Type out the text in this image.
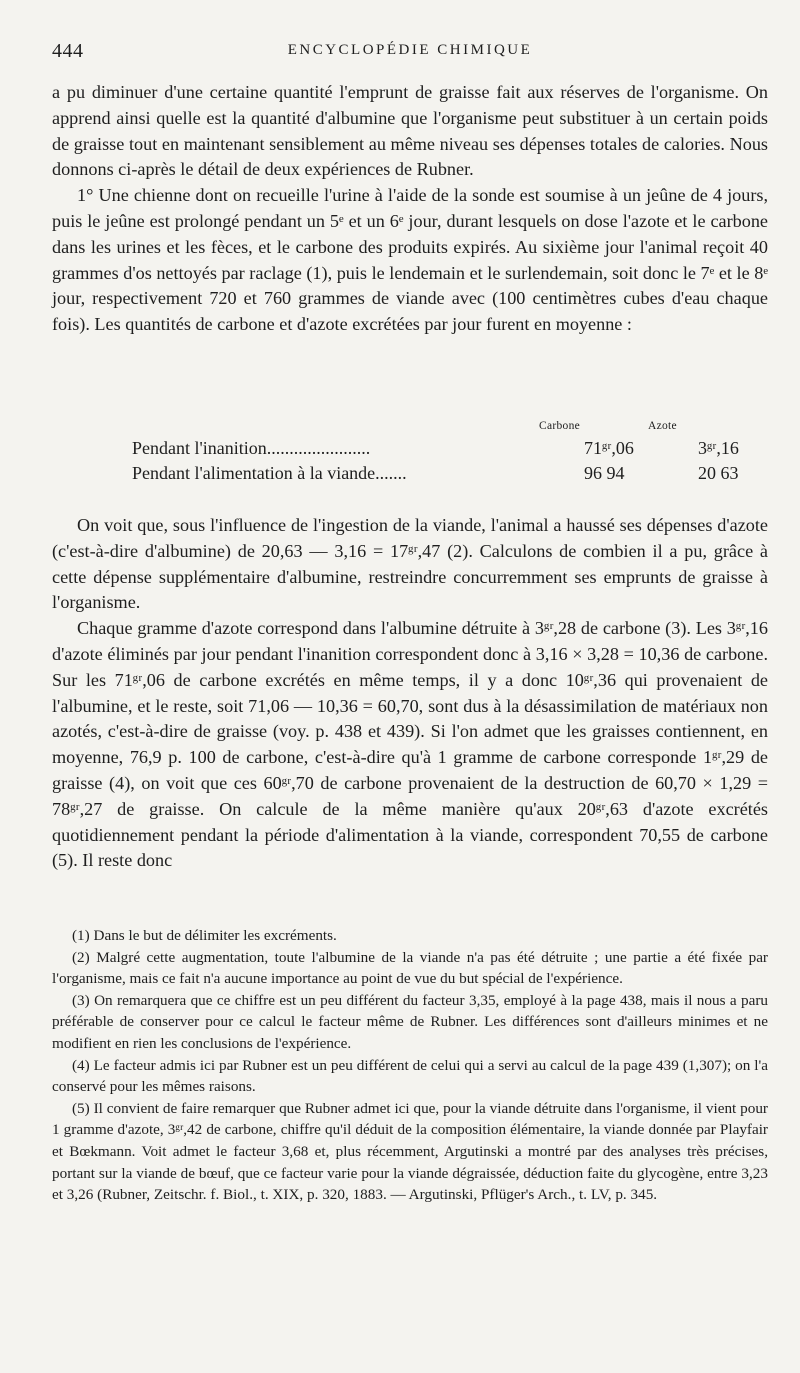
444	ENCYCLOPÉDIE CHIMIQUE

a pu diminuer d'une certaine quantité l'emprunt de graisse fait aux réserves de l'organisme. On apprend ainsi quelle est la quantité d'albumine que l'organisme peut substituer à un certain poids de graisse tout en maintenant sensiblement au même niveau ses dépenses totales de calories. Nous donnons ci-après le détail de deux expériences de Rubner.

1° Une chienne dont on recueille l'urine à l'aide de la sonde est soumise à un jeûne de 4 jours, puis le jeûne est prolongé pendant un 5ᵉ et un 6ᵉ jour, durant lesquels on dose l'azote et le carbone dans les urines et les fèces, et le carbone des produits expirés. Au sixième jour l'animal reçoit 40 grammes d'os nettoyés par raclage (1), puis le lendemain et le surlendemain, soit donc le 7ᵉ et le 8ᵉ jour, respectivement 720 et 760 grammes de viande avec (100 centimètres cubes d'eau chaque fois). Les quantités de carbone et d'azote excrétées par jour furent en moyenne :

Carbone	Azote
Pendant l'inanition.......................	71ᵍʳ,06	3ᵍʳ,16
Pendant l'alimentation à la viande.......	96 94	20 63

On voit que, sous l'influence de l'ingestion de la viande, l'animal a haussé ses dépenses d'azote (c'est-à-dire d'albumine) de 20,63 — 3,16 = 17ᵍʳ,47 (2). Calculons de combien il a pu, grâce à cette dépense supplémentaire d'albumine, restreindre concurremment ses emprunts de graisse à l'organisme.

Chaque gramme d'azote correspond dans l'albumine détruite à 3ᵍʳ,28 de carbone (3). Les 3ᵍʳ,16 d'azote éliminés par jour pendant l'inanition correspondent donc à 3,16 × 3,28 = 10,36 de carbone. Sur les 71ᵍʳ,06 de carbone excrétés en même temps, il y a donc 10ᵍʳ,36 qui provenaient de l'albumine, et le reste, soit 71,06 — 10,36 = 60,70, sont dus à la désassimilation de matériaux non azotés, c'est-à-dire de graisse (voy. p. 438 et 439). Si l'on admet que les graisses contiennent, en moyenne, 76,9 p. 100 de carbone, c'est-à-dire qu'à 1 gramme de carbone corresponde 1ᵍʳ,29 de graisse (4), on voit que ces 60ᵍʳ,70 de carbone provenaient de la destruction de 60,70 × 1,29 = 78ᵍʳ,27 de graisse. On calcule de la même manière qu'aux 20ᵍʳ,63 d'azote excrétés quotidiennement pendant la période d'alimentation à la viande, correspondent 70,55 de carbone (5). Il reste donc

(1) Dans le but de délimiter les excréments.

(2) Malgré cette augmentation, toute l'albumine de la viande n'a pas été détruite ; une partie a été fixée par l'organisme, mais ce fait n'a aucune importance au point de vue du but spécial de l'expérience.

(3) On remarquera que ce chiffre est un peu différent du facteur 3,35, employé à la page 438, mais il nous a paru préférable de conserver pour ce calcul le facteur même de Rubner. Les différences sont d'ailleurs minimes et ne modifient en rien les conclusions de l'expérience.

(4) Le facteur admis ici par Rubner est un peu différent de celui qui a servi au calcul de la page 439 (1,307); on l'a conservé pour les mêmes raisons.

(5) Il convient de faire remarquer que Rubner admet ici que, pour la viande détruite dans l'organisme, il vient pour 1 gramme d'azote, 3ᵍʳ,42 de carbone, chiffre qu'il déduit de la composition élémentaire, la viande donnée par Playfair et Bœkmann. Voit admet le facteur 3,68 et, plus récemment, Argutinski a montré par des analyses très précises, portant sur la viande de bœuf, que ce facteur varie pour la viande dégraissée, déduction faite du glycogène, entre 3,23 et 3,26 (Rubner, Zeitschr. f. Biol., t. XIX, p. 320, 1883. — Argutinski, Pflüger's Arch., t. LV, p. 345.
